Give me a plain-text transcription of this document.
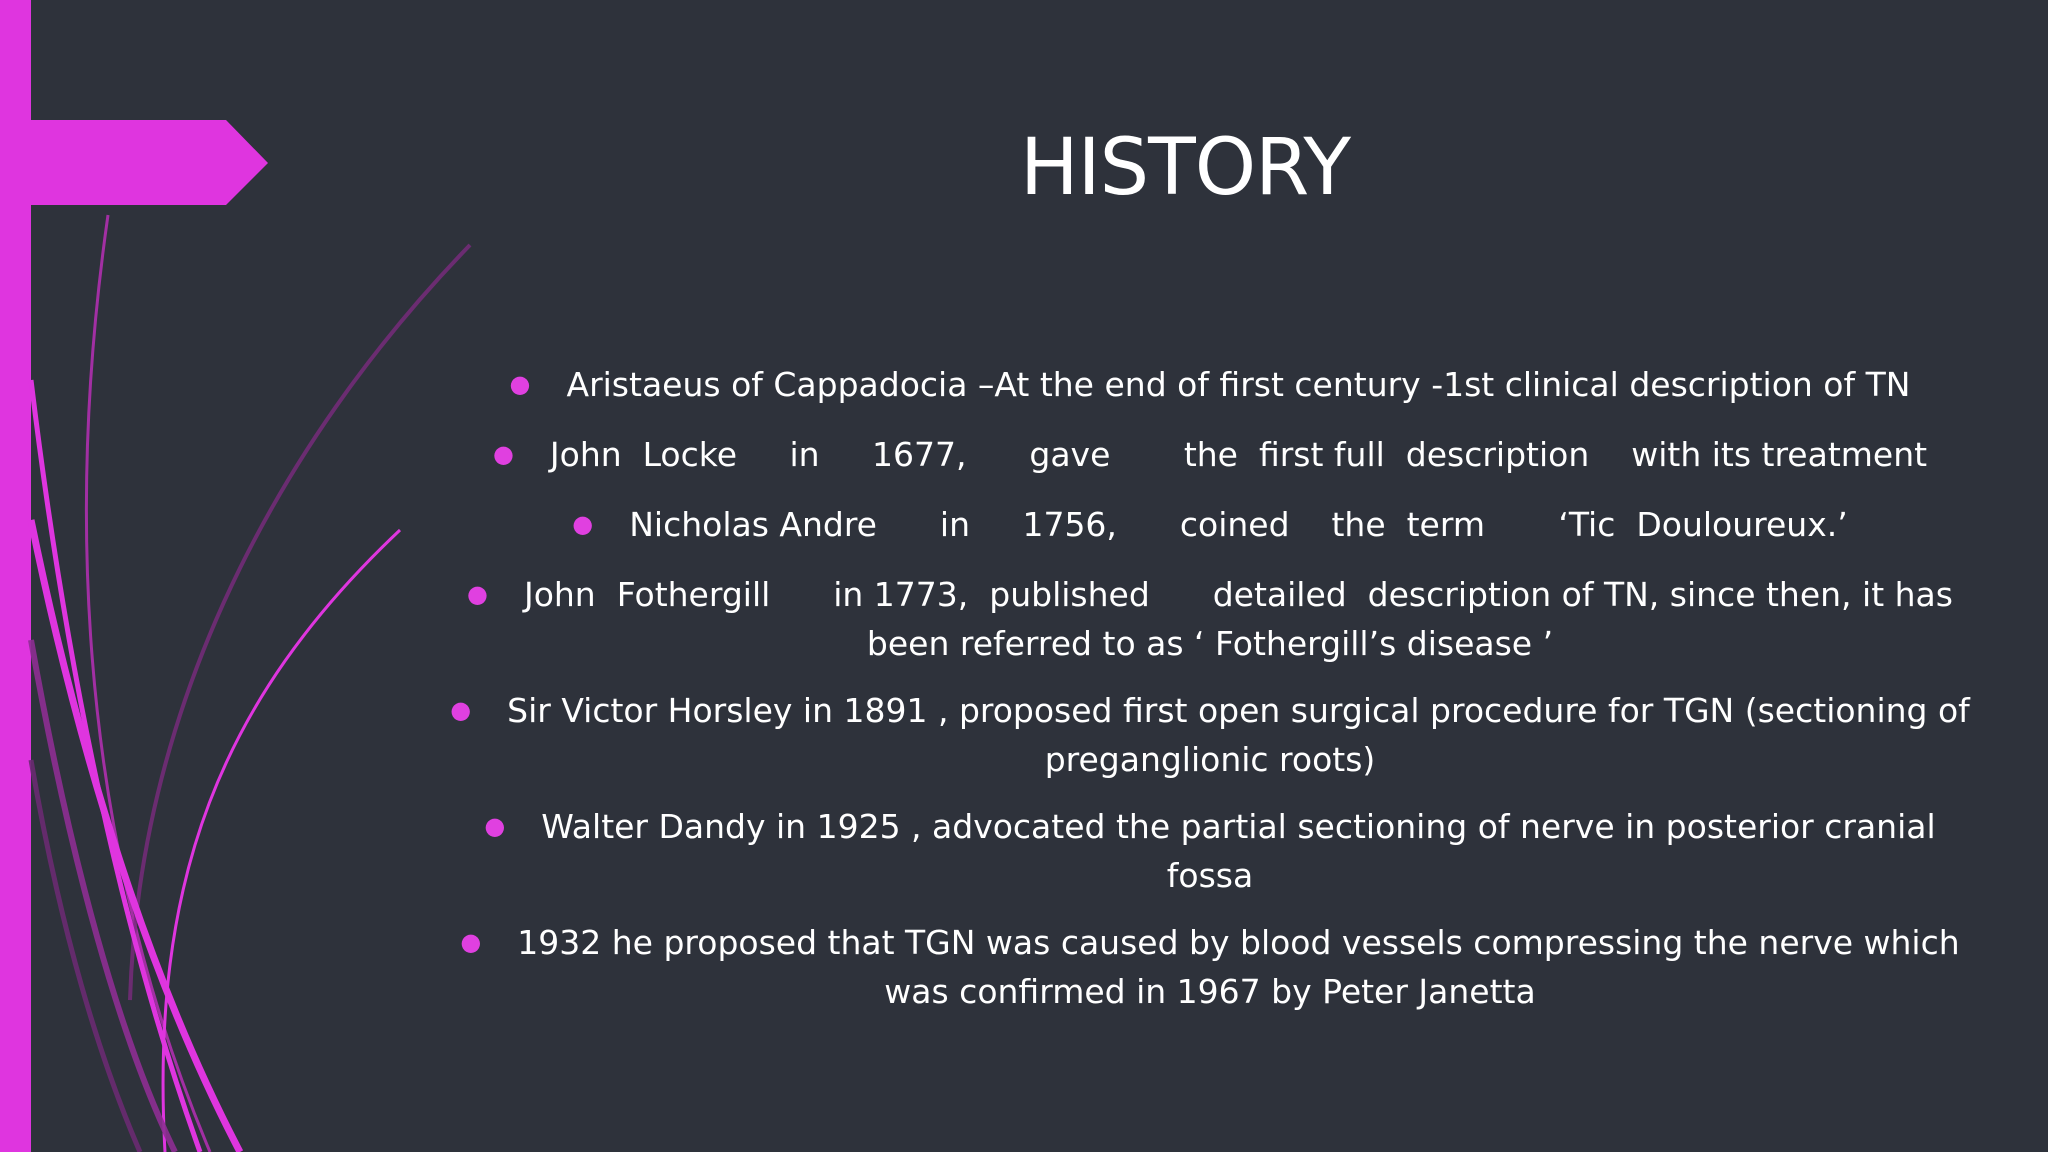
HISTORY
● Aristaeus of Cappadocia –At the end of first century -1st clinical description of TN
● John  Locke     in     1677,      gave       the  first full  description    with its treatment
● Nicholas Andre      in     1756,      coined    the  term       ‘Tic  Douloureux.’
● John  Fothergill      in 1773,  published      detailed  description of TN, since then, it has been referred to as ‘ Fothergill’s disease ’
● Sir Victor Horsley in 1891 , proposed first open surgical procedure for TGN (sectioning of preganglionic roots)
● Walter Dandy in 1925 , advocated the partial sectioning of nerve in posterior cranial fossa
● 1932 he proposed that TGN was caused by blood vessels compressing the nerve which was confirmed in 1967 by Peter Janetta
